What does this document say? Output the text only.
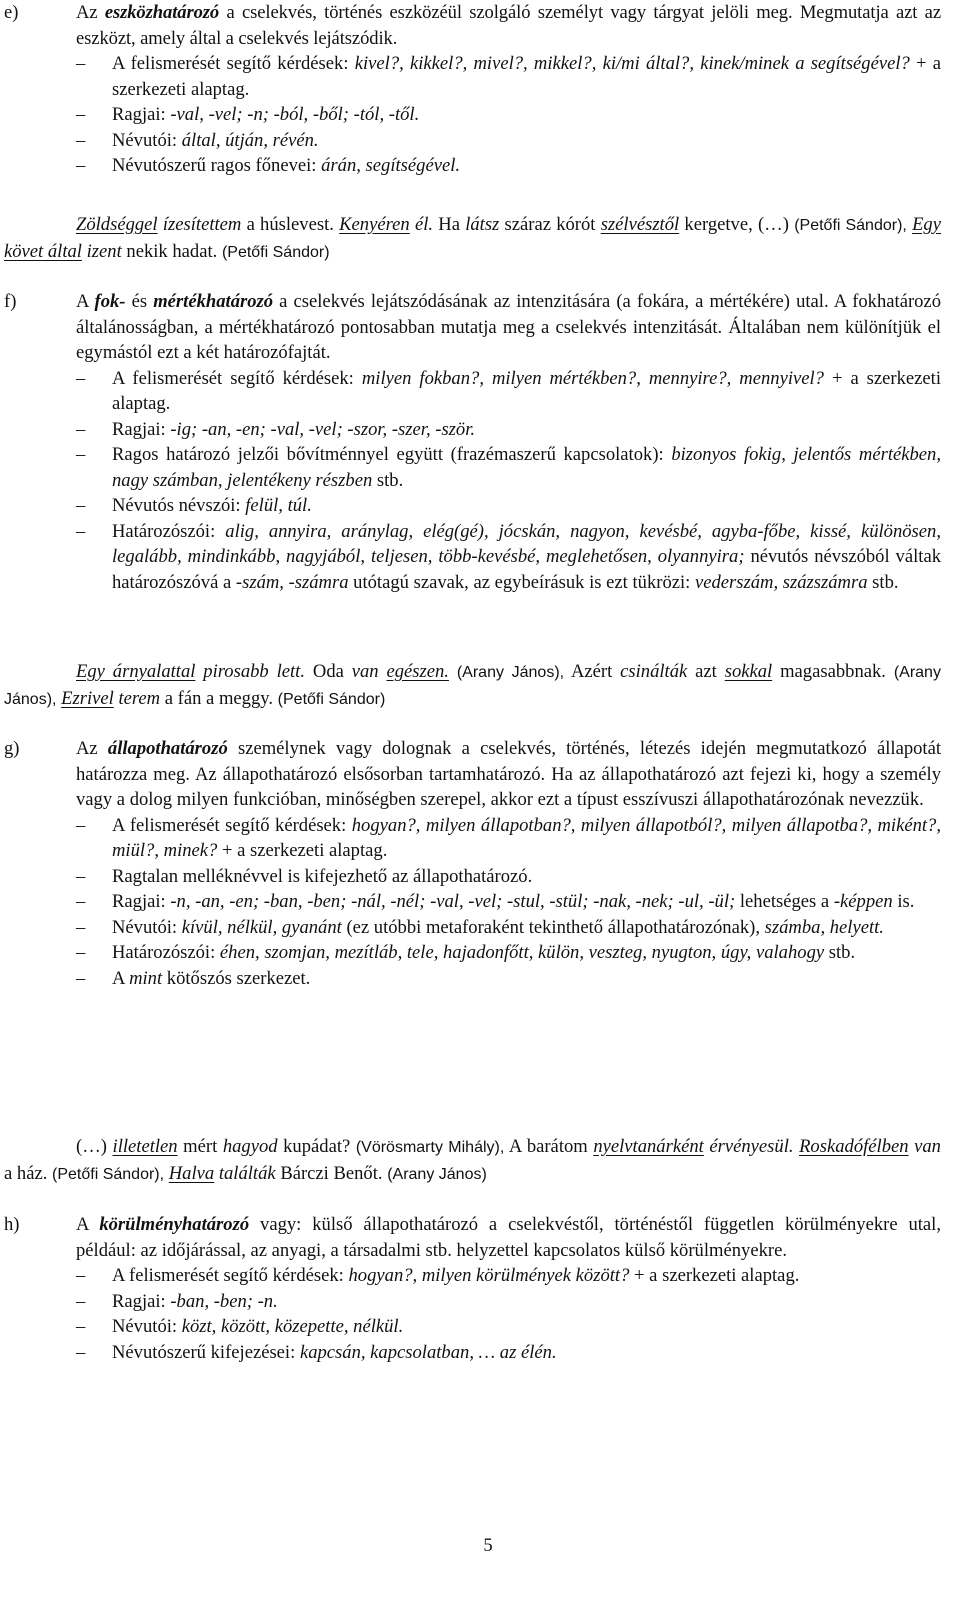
e)	Az eszközhatározó a cselekvés, történés eszközéül szolgáló személyt vagy tárgyat jelöli meg. Megmutatja azt az eszközt, amely által a cselekvés lejátszódik.
– A felismerését segítő kérdések: kivel?, kikkel?, mivel?, mikkel?, ki/mi által?, kinek/minek a segítségével? + a szerkezeti alaptag.
– Ragjai: -val, -vel; -n; -ból, -ből; -tól, -től.
– Névutói: által, útján, révén.
– Névutószerű ragos főnevei: árán, segítségével.
Zöldséggel ízesítettem a húslevest. Kenyéren él. Ha látsz száraz kórót szélvésztől kergetve, (…) (Petőfi Sándor), Egy követ által izent nekik hadat. (Petőfi Sándor)
f)	A fok- és mértékhatározó a cselekvés lejátszódásának az intenzitására (a fokára, a mértékére) utal. A fokhatározó általánosságban, a mértékhatározó pontosabban mutatja meg a cselekvés intenzitását. Általában nem különítjük el egymástól ezt a két határozófajtát.
– A felismerését segítő kérdések: milyen fokban?, milyen mértékben?, mennyire?, mennyivel? + a szerkezeti alaptag.
– Ragjai: -ig; -an, -en; -val, -vel; -szor, -szer, -ször.
– Ragos határozó jelzői bővítménnyel együtt (frazémaszerű kapcsolatok): bizonyos fokig, jelentős mértékben, nagy számban, jelentékeny részben stb.
– Névutós névszói: felül, túl.
– Határozószói: alig, annyira, aránylag, elég(gé), jócskán, nagyon, kevésbé, agyba-főbe, kissé, különösen, legalább, mindinkább, nagyjából, teljesen, több-kevésbé, meglehetősen, olyannyira; névutós névszóból váltak határozószóvá a -szám, -számra utótagú szavak, az egybeírásuk is ezt tükrözi: vederszám, százszámra stb.
Egy árnyalattal pirosabb lett. Oda van egészen. (Arany János), Azért csinálták azt sokkal magasabbnak. (Arany János), Ezrivel terem a fán a meggy. (Petőfi Sándor)
g)	Az állapothatározó személynek vagy dolognak a cselekvés, történés, létezés idején megmutatkozó állapotát határozza meg. Az állapothatározó elsősorban tartamhatározó. Ha az állapothatározó azt fejezi ki, hogy a személy vagy a dolog milyen funkcióban, minőségben szerepel, akkor ezt a típust esszívuszi állapothatározónak nevezzük.
– A felismerését segítő kérdések: hogyan?, milyen állapotban?, milyen állapotból?, milyen állapotba?, miként?, miül?, minek? + a szerkezeti alaptag.
– Ragtalan melléknévvel is kifejezhető az állapothatározó.
– Ragjai: -n, -an, -en; -ban, -ben; -nál, -nél; -val, -vel; -stul, -stül; -nak, -nek; -ul, -ül; lehetséges a -képpen is.
– Névutói: kívül, nélkül, gyanánt (ez utóbbi metaforaként tekinthető állapothatározónak), számba, helyett.
– Határozószói: éhen, szomjan, mezítláb, tele, hajadonfőtt, külön, veszteg, nyugton, úgy, valahogy stb.
– A mint kötőszós szerkezet.
(…) illetetlen mért hagyod kupádat? (Vörösmarty Mihály), A barátom nyelvtanárként érvényesül. Roskadófélben van a ház. (Petőfi Sándor), Halva találták Bárczi Benőt. (Arany János)
h)	A körülményhatározó vagy: külső állapothatározó a cselekvéstől, történéstől független körülményekre utal, például: az időjárással, az anyagi, a társadalmi stb. helyzettel kapcsolatos külső körülményekre.
– A felismerését segítő kérdések: hogyan?, milyen körülmények között? + a szerkezeti alaptag.
– Ragjai: -ban, -ben; -n.
– Névutói: közt, között, közepette, nélkül.
– Névutószerű kifejezései: kapcsán, kapcsolatban, … az élén.
5
